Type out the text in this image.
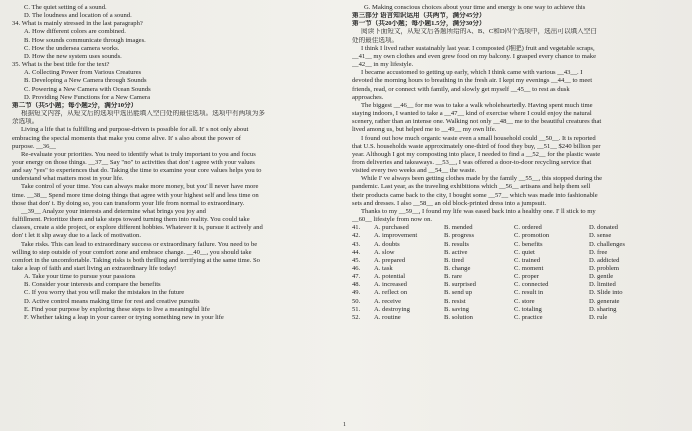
C. The quiet setting of a sound.
D. The loudness and location of a sound.
34. What is mainly stressed in the last paragraph?
A. How different colors are combined.
B. How sounds communicate through images.
C. How the undersea camera works.
D. How the new system uses sounds.
35. What is the best title for the text?
A. Collecting Power from Various Creatures
B. Developing a New Camera through Sounds
C. Powering a New Camera with Ocean Sounds
D. Providing New Functions for a New Camera
第二节（共5小题；每小题2分，满分10分）
根据短文内容，从短文后的选项中选出能填入空白处的最佳选项。选项中有两项为多
余选项。
Living a life that is fulfilling and purpose-driven is possible for all. It' s not only about
embracing the special moments that make you come alive. It' s also about the power of
purpose. __36__
Re-evaluate your priorities. You need to identify what is truly important to you and focus
your energy on those things. __37__ Say "no" to activities that don' t agree with your values
and say "yes" to experiences that do. Taking the time to examine your core values helps you to
understand what matters most in your life.
Take control of your time. You can always make more money, but you' ll never have more
time. __38__ Spend more time doing things that agree with your highest self and less time on
those that don' t. By doing so, you can transform your life from normal to extraordinary.
__39__ Analyze your interests and determine what brings you joy and
fulfillment. Prioritize them and take steps toward turning them into reality. You could take
classes, create a side project, or explore different hobbies. Whatever it is, pursue it actively and
don' t let it slip away due to a lack of motivation.
Take risks. This can lead to extraordinary success or extraordinary failure. You need to be
willing to step outside of your comfort zone and embrace change. __40__, you should take
comfort in the uncomfortable. Taking risks is both thrilling and terrifying at the same time. So
take a leap of faith and start living an extraordinary life today!
A. Take your time to pursue your passions
B. Consider your interests and compare the benefits
C. If you worry that you will make the mistakes in the future
D. Active control means making time for rest and creative pursuits
E. Find your purpose by exploring these steps to live a meaningful life
F. Whether taking a leap in your career or trying something new in your life
G. Making conscious choices about your time and energy is one way to achieve this
第三部分 语言知识运用（共两节，满分45分）
第一节（共20小题；每小题1.5分，满分30分）
阅读下面短文，从短文后各题所给的A、B、C和D四个选项中，选出可以填入空白
处的最佳选项。
I think I lived rather sustainably last year. I composted (堆肥) fruit and vegetable scraps,
__41__ my own clothes and even grew food on my balcony. I grasped every chance to make
__42__ in my lifestyle.
I became accustomed to getting up early, which I think came with various __43__. I
devoted the morning hours to breathing in the fresh air. I kept my evenings __44__ to meet
friends, read, or connect with family, and slowly get myself __45__ to rest as dusk
approaches.
The biggest __46__ for me was to take a walk wholeheartedly. Having spent much time
staying indoors, I wanted to take a __47__ kind of exercise where I could enjoy the natural
scenery, rather than an intense one. Walking not only __48__ me to the beautiful creatures that
lived among us, but helped me to __49__ my own life.
I found out how much organic waste even a small household could __50__. It is reported
that U.S. households waste approximately one-third of food they buy, __51__ $240 billion per
year. Although I got my composting into place, I needed to find a __52__ for the plastic waste
from deliveries and takeaways. __53__, I was offered a door-to-door recycling service that
visited every two weeks and __54__ the waste.
While I' ve always been getting clothes made by the family __55__, this stopped during the
pandemic. Last year, as the traveling exhibitions which __56__ artisans and help them sell
their products came back to the city, I bought some __57__ which was made into fashionable
sets and dresses. I also __58__ an old block-printed dress into a jumpsuit.
Thanks to my __59__, I found my life was eased back into a healthy one. I' ll stick to my
__60__ lifestyle from now on.
41.	A. purchased	B. mended	C. ordered	D. donated
42.	A. improvement	B. progress	C. promotion	D. sense
43.	A. doubts	B. results	C. benefits	D. challenges
44.	A. slow	B. active	C. quiet	D. free
45.	A. prepared	B. tired	C. trained	D. addicted
46.	A. task	B. change	C. moment	D. problem
47.	A. potential	B. rare	C. proper	D. gentle
48.	A. increased	B. surprised	C. connected	D. limited
49.	A. reflect on	B. send up	C. result in	D. Slide into
50.	A. receive	B. resist	C. store	D. generate
51.	A. destroying	B. saving	C. totaling	D. sharing
52.	A. routine	B. solution	C. practice	D. rule
1
